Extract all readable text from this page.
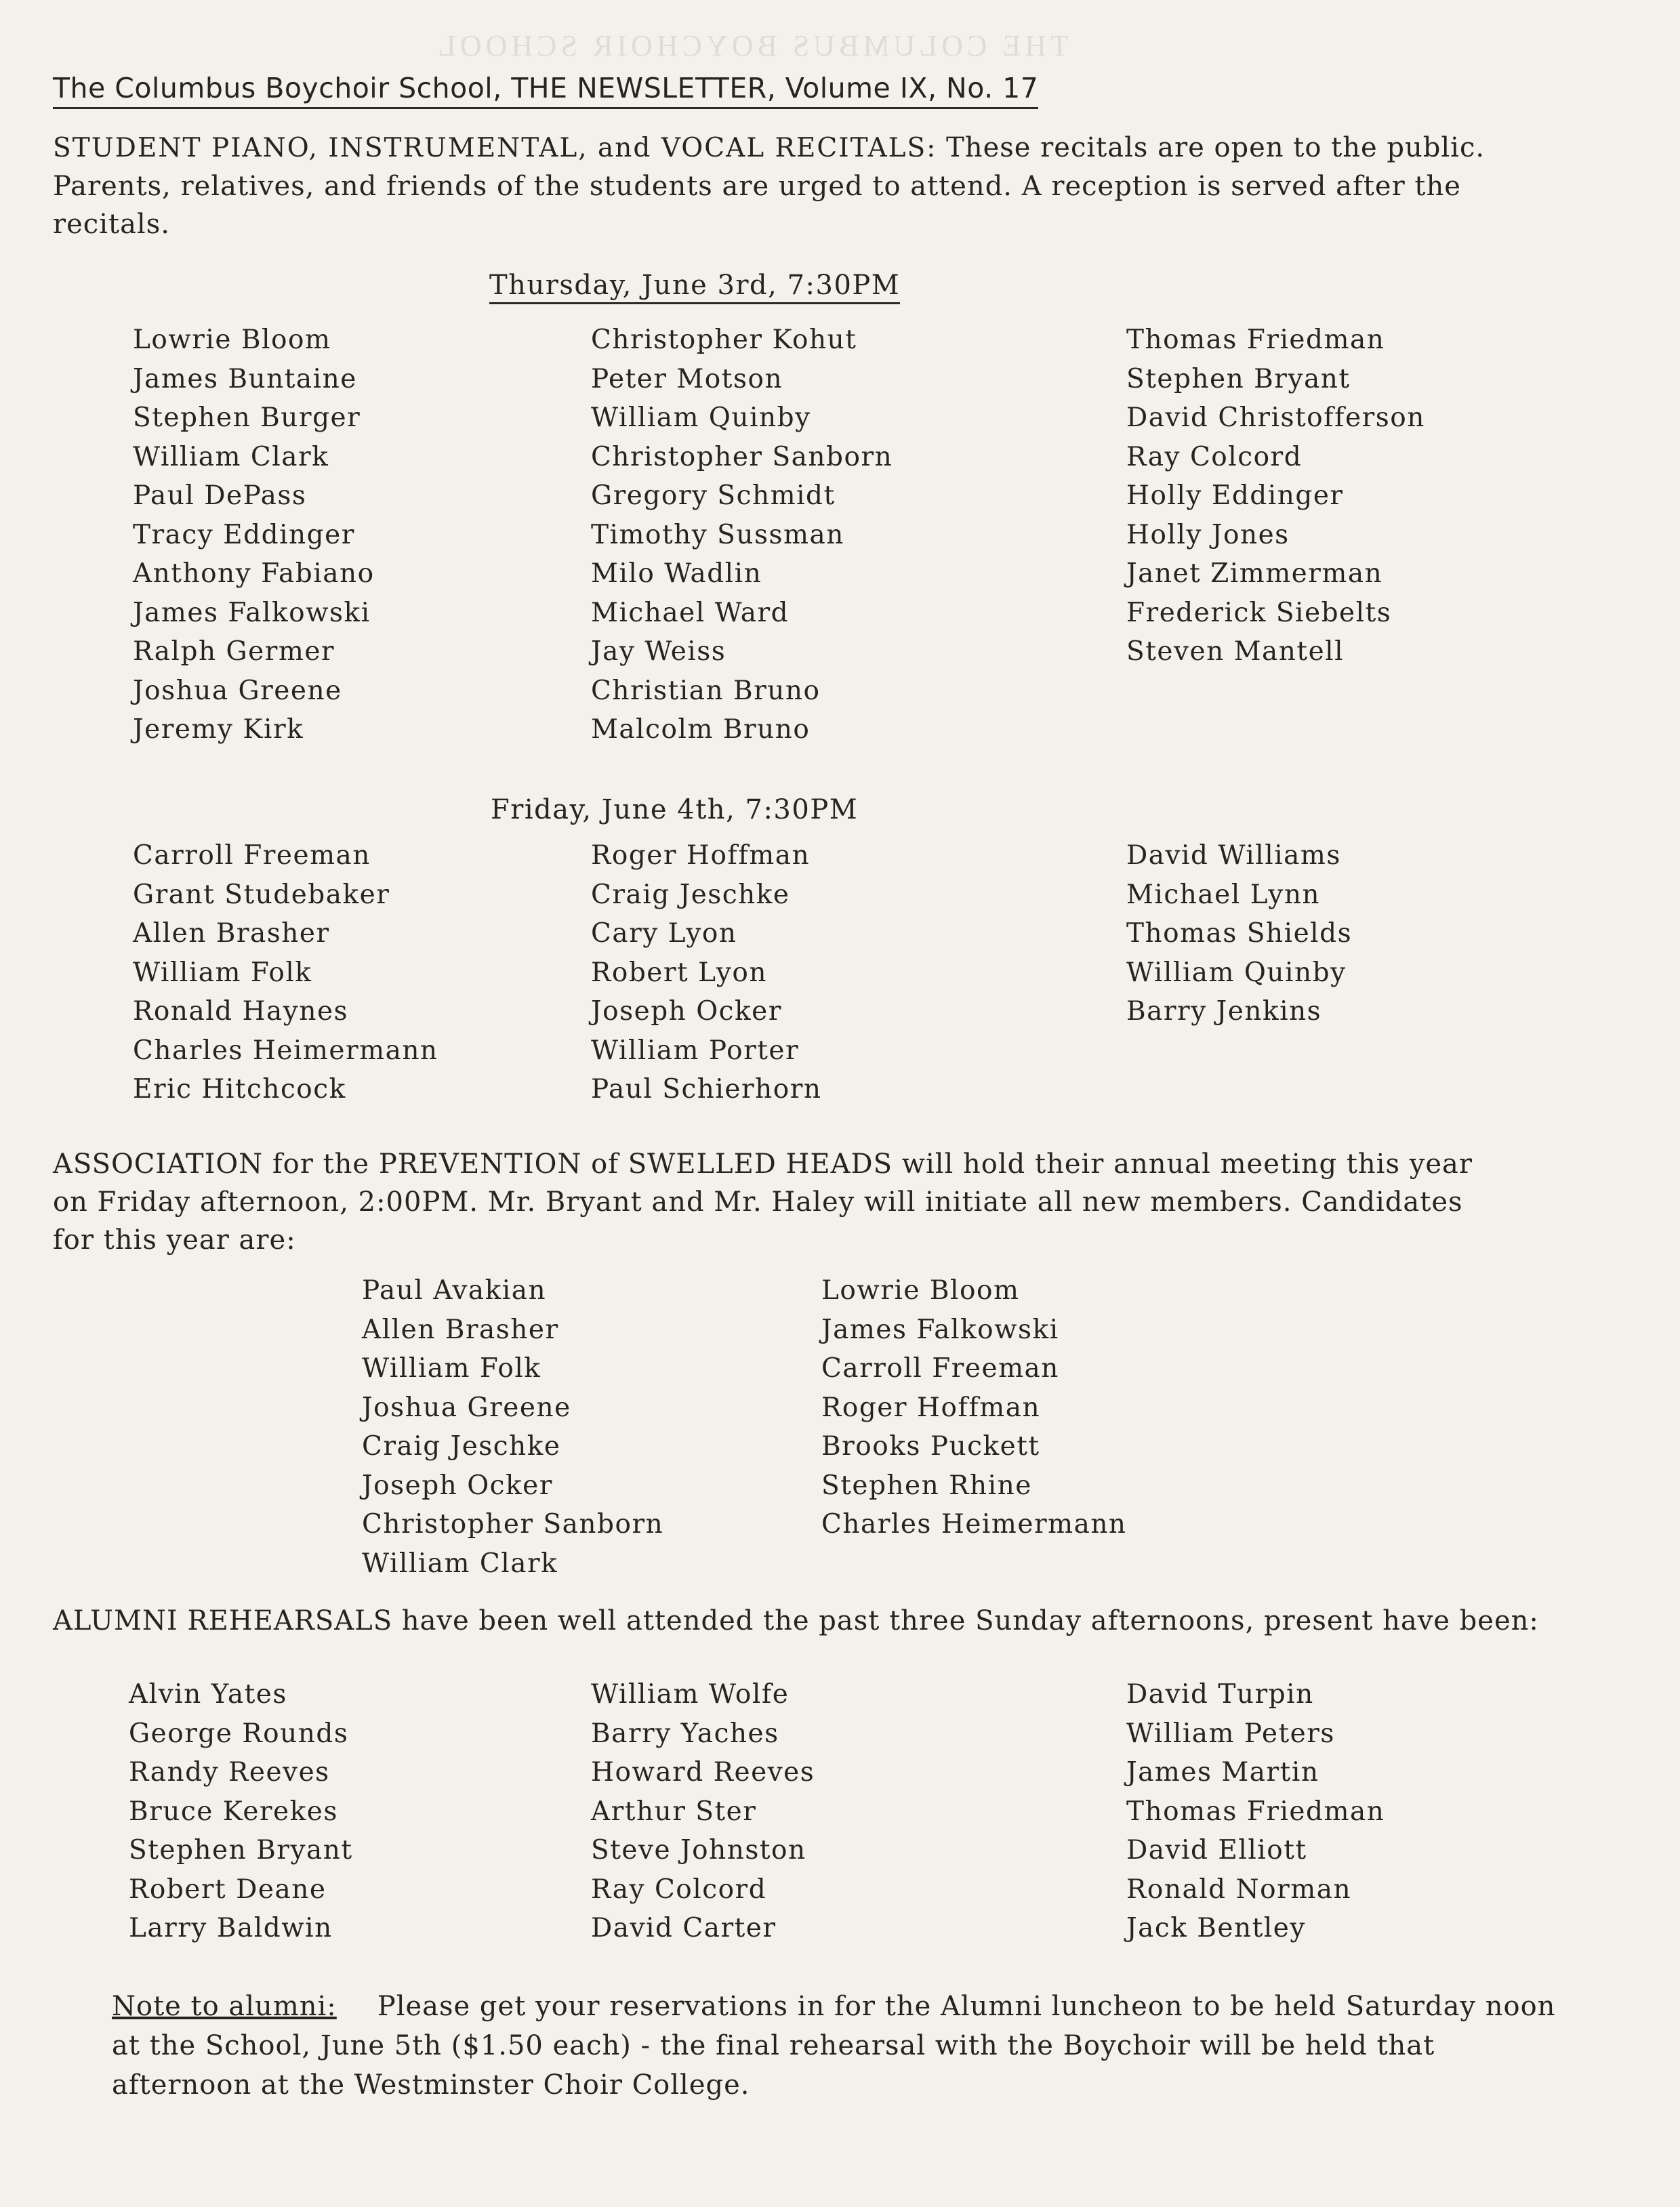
THE COLUMBUS BOYCHOIR SCHOOL
The Columbus Boychoir School, THE NEWSLETTER, Volume IX, No. 17
STUDENT PIANO, INSTRUMENTAL, and VOCAL RECITALS: These recitals are open to the public. Parents, relatives, and friends of the students are urged to attend. A reception is served after the recitals.
Thursday, June 3rd, 7:30PM
Lowrie Bloom
James Buntaine
Stephen Burger
William Clark
Paul DePass
Tracy Eddinger
Anthony Fabiano
James Falkowski
Ralph Germer
Joshua Greene
Jeremy Kirk
Christopher Kohut
Peter Motson
William Quinby
Christopher Sanborn
Gregory Schmidt
Timothy Sussman
Milo Wadlin
Michael Ward
Jay Weiss
Christian Bruno
Malcolm Bruno
Thomas Friedman
Stephen Bryant
David Christofferson
Ray Colcord
Holly Eddinger
Holly Jones
Janet Zimmerman
Frederick Siebelts
Steven Mantell
Friday, June 4th, 7:30PM
Carroll Freeman
Grant Studebaker
Allen Brasher
William Folk
Ronald Haynes
Charles Heimermann
Eric Hitchcock
Roger Hoffman
Craig Jeschke
Cary Lyon
Robert Lyon
Joseph Ocker
William Porter
Paul Schierhorn
David Williams
Michael Lynn
Thomas Shields
William Quinby
Barry Jenkins
ASSOCIATION for the PREVENTION of SWELLED HEADS will hold their annual meeting this year on Friday afternoon, 2:00PM. Mr. Bryant and Mr. Haley will initiate all new members. Candidates for this year are:
Paul Avakian
Allen Brasher
William Folk
Joshua Greene
Craig Jeschke
Joseph Ocker
Christopher Sanborn
William Clark
Lowrie Bloom
James Falkowski
Carroll Freeman
Roger Hoffman
Brooks Puckett
Stephen Rhine
Charles Heimermann
ALUMNI REHEARSALS have been well attended the past three Sunday afternoons, present have been:
Alvin Yates
George Rounds
Randy Reeves
Bruce Kerekes
Stephen Bryant
Robert Deane
Larry Baldwin
William Wolfe
Barry Yaches
Howard Reeves
Arthur Ster
Steve Johnston
Ray Colcord
David Carter
David Turpin
William Peters
James Martin
Thomas Friedman
David Elliott
Ronald Norman
Jack Bentley
Note to alumni: Please get your reservations in for the Alumni luncheon to be held Saturday noon at the School, June 5th ($1.50 each) - the final rehearsal with the Boychoir will be held that afternoon at the Westminster Choir College.
